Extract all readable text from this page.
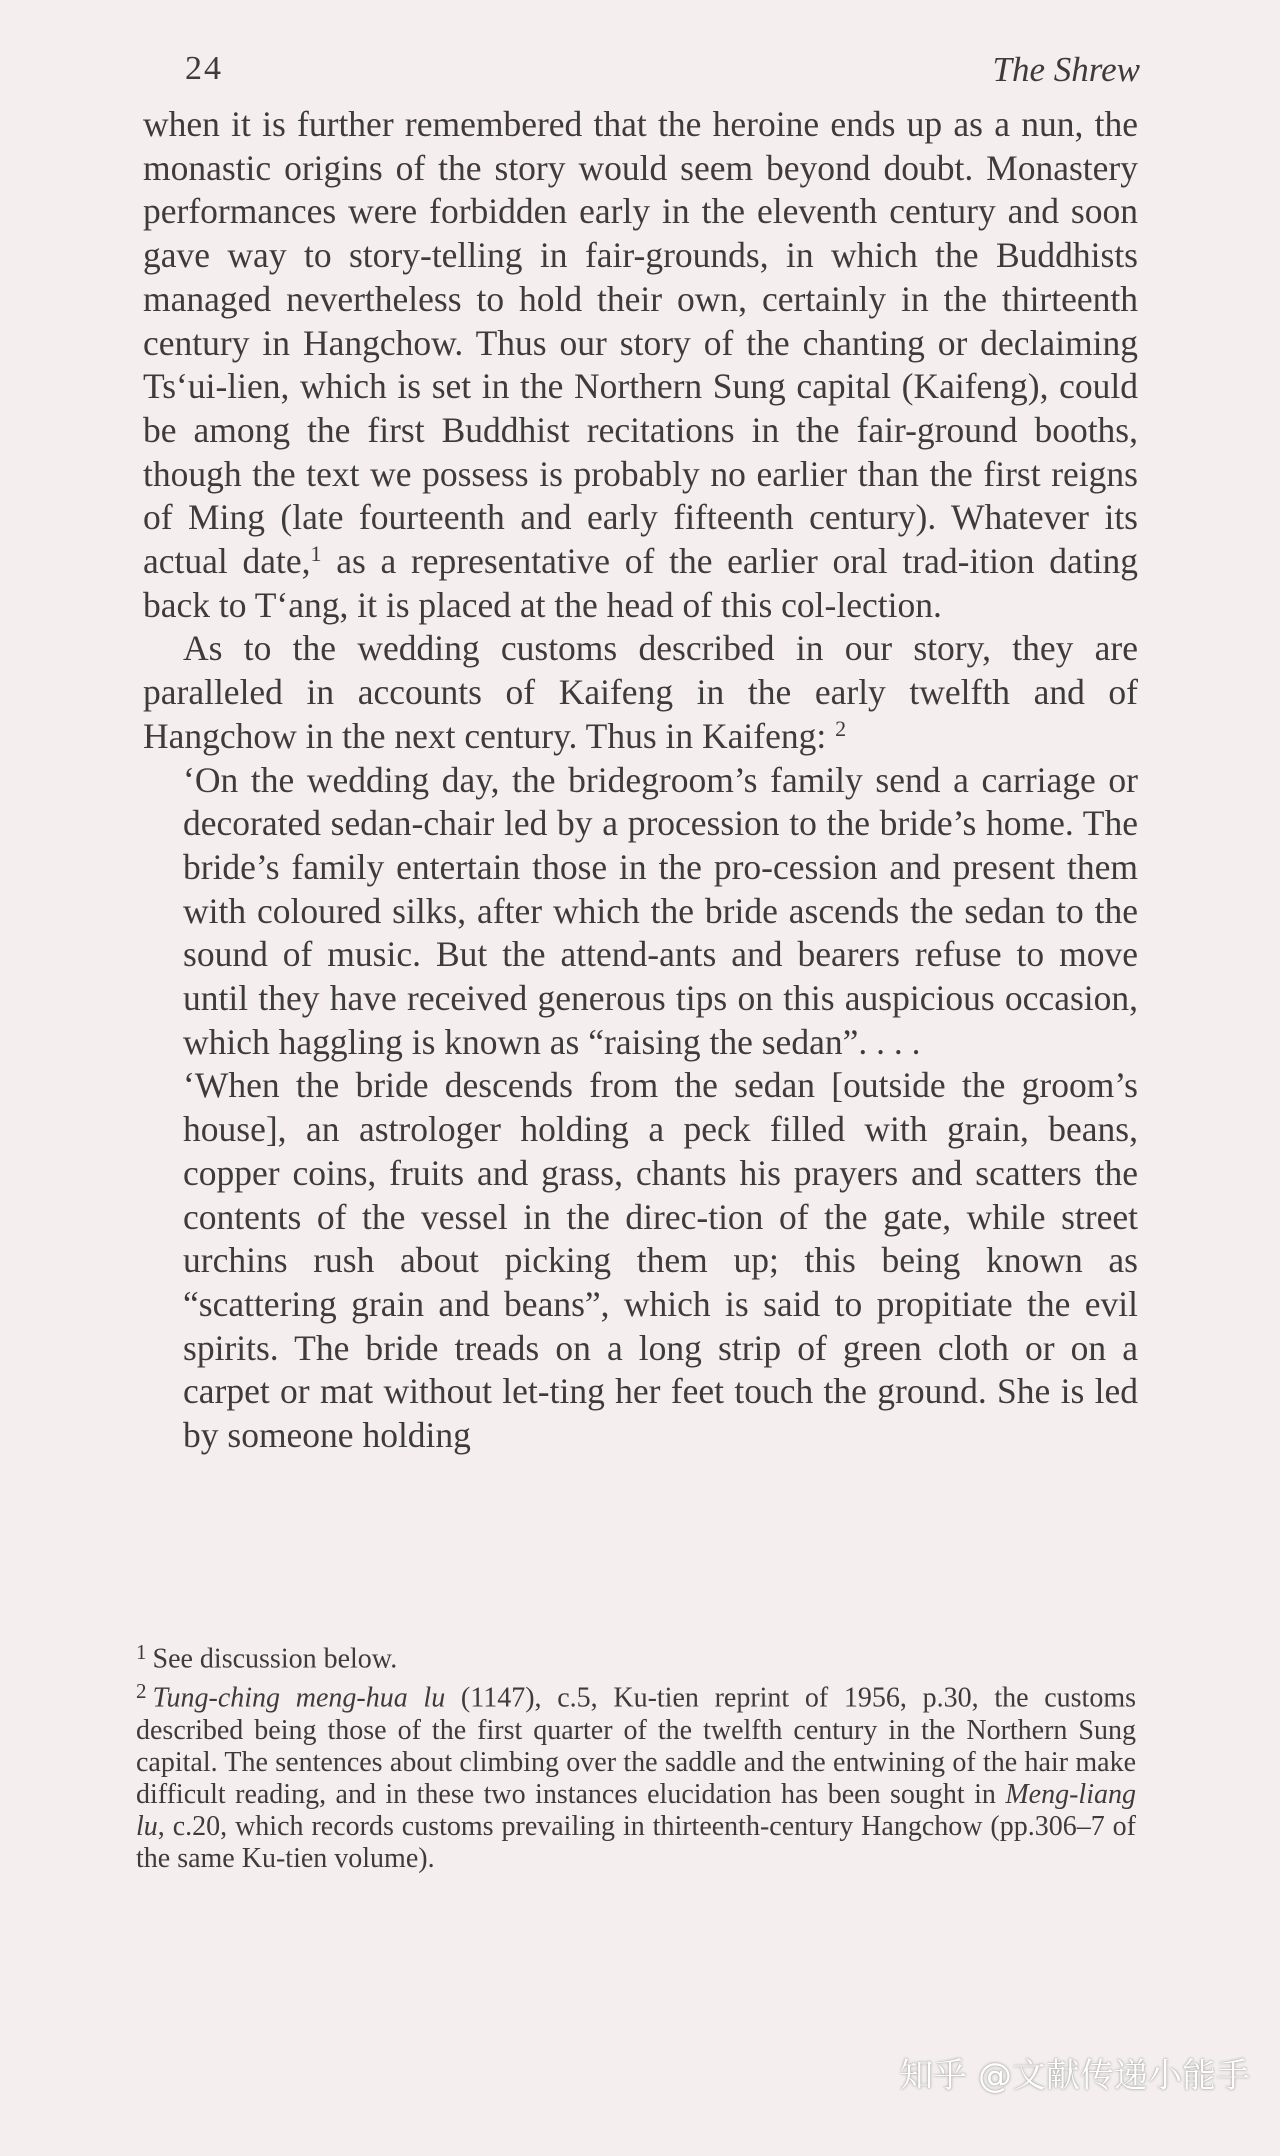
24	The Shrew

when it is further remembered that the heroine ends up as a nun, the monastic origins of the story would seem beyond doubt. Monastery performances were forbidden early in the eleventh century and soon gave way to story-telling in fair-grounds, in which the Buddhists managed nevertheless to hold their own, certainly in the thirteenth century in Hangchow. Thus our story of the chanting or declaiming Tsʻui-lien, which is set in the Northern Sung capital (Kaifeng), could be among the first Buddhist recitations in the fair-ground booths, though the text we possess is probably no earlier than the first reigns of Ming (late fourteenth and early fifteenth century). Whatever its actual date,$^1$ as a representative of the earlier oral trad-ition dating back to Tʻang, it is placed at the head of this col-lection.

As to the wedding customs described in our story, they are paralleled in accounts of Kaifeng in the early twelfth and of Hangchow in the next century. Thus in Kaifeng: $^2$

‘On the wedding day, the bridegroom’s family send a carriage or decorated sedan-chair led by a procession to the bride’s home. The bride’s family entertain those in the pro-cession and present them with coloured silks, after which the bride ascends the sedan to the sound of music. But the attend-ants and bearers refuse to move until they have received generous tips on this auspicious occasion, which haggling is known as “raising the sedan”. . . .

‘When the bride descends from the sedan [outside the groom’s house], an astrologer holding a peck filled with grain, beans, copper coins, fruits and grass, chants his prayers and scatters the contents of the vessel in the direc-tion of the gate, while street urchins rush about picking them up; this being known as “scattering grain and beans”, which is said to propitiate the evil spirits. The bride treads on a long strip of green cloth or on a carpet or mat without let-ting her feet touch the ground. She is led by someone holding

$^1$ See discussion below.

$^2$ Tung-ching meng-hua lu (1147), c.5, Ku-tien reprint of 1956, p.30, the customs described being those of the first quarter of the twelfth century in the Northern Sung capital. The sentences about climbing over the saddle and the entwining of the hair make difficult reading, and in these two instances elucidation has been sought in Meng-liang lu, c.20, which records customs prevailing in thirteenth-century Hangchow (pp.306–7 of the same Ku-tien volume).

知乎 @文献传递小能手
